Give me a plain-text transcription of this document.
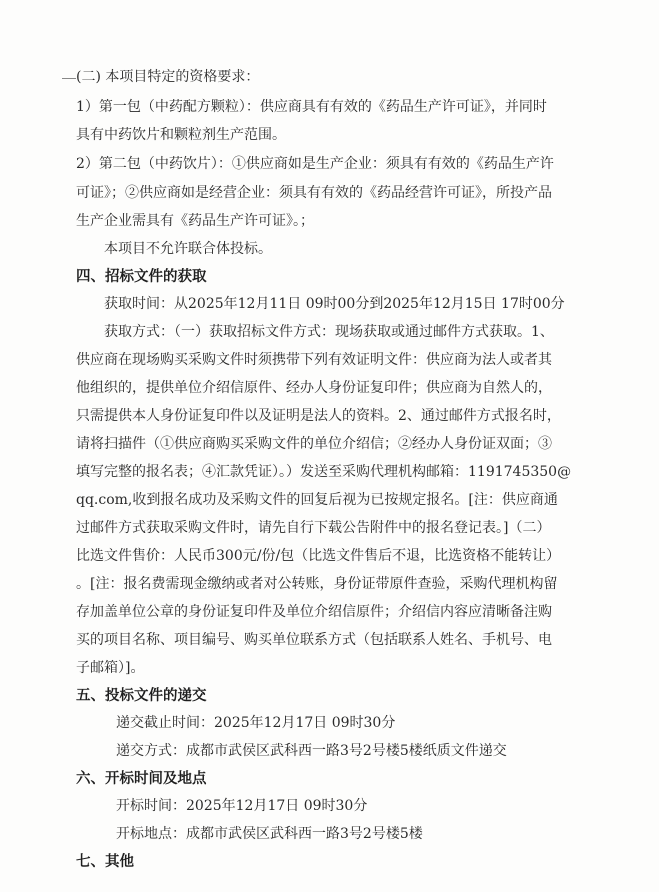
(二) 本项目特定的资格要求：
1）第一包（中药配方颗粒）：供应商具有有效的《药品生产许可证》，并同时
具有中药饮片和颗粒剂生产范围。
2）第二包（中药饮片）：①供应商如是生产企业：须具有有效的《药品生产许
可证》；②供应商如是经营企业：须具有有效的《药品经营许可证》，所投产品
生产企业需具有《药品生产许可证》。；
本项目不允许联合体投标。
四、招标文件的获取
获取时间：从2025年12月11日 09时00分到2025年12月15日 17时00分
获取方式：（一）获取招标文件方式：现场获取或通过邮件方式获取。1、
供应商在现场购买采购文件时须携带下列有效证明文件：供应商为法人或者其
他组织的，提供单位介绍信原件、经办人身份证复印件；供应商为自然人的，
只需提供本人身份证复印件以及证明是法人的资料。2、通过邮件方式报名时，
请将扫描件（①供应商购买采购文件的单位介绍信；②经办人身份证双面；③
填写完整的报名表；④汇款凭证）。）发送至采购代理机构邮箱：1191745350@
qq.com,收到报名成功及采购文件的回复后视为已按规定报名。[注：供应商通
过邮件方式获取采购文件时，请先自行下载公告附件中的报名登记表。]（二）
比选文件售价：人民币300元/份/包（比选文件售后不退，比选资格不能转让）
。[注：报名费需现金缴纳或者对公转账，身份证带原件查验，采购代理机构留
存加盖单位公章的身份证复印件及单位介绍信原件；介绍信内容应清晰备注购
买的项目名称、项目编号、购买单位联系方式（包括联系人姓名、手机号、电
子邮箱）]。
五、投标文件的递交
递交截止时间：2025年12月17日 09时30分
递交方式：成都市武侯区武科西一路3号2号楼5楼纸质文件递交
六、开标时间及地点
开标时间：2025年12月17日 09时30分
开标地点：成都市武侯区武科西一路3号2号楼5楼
七、其他
